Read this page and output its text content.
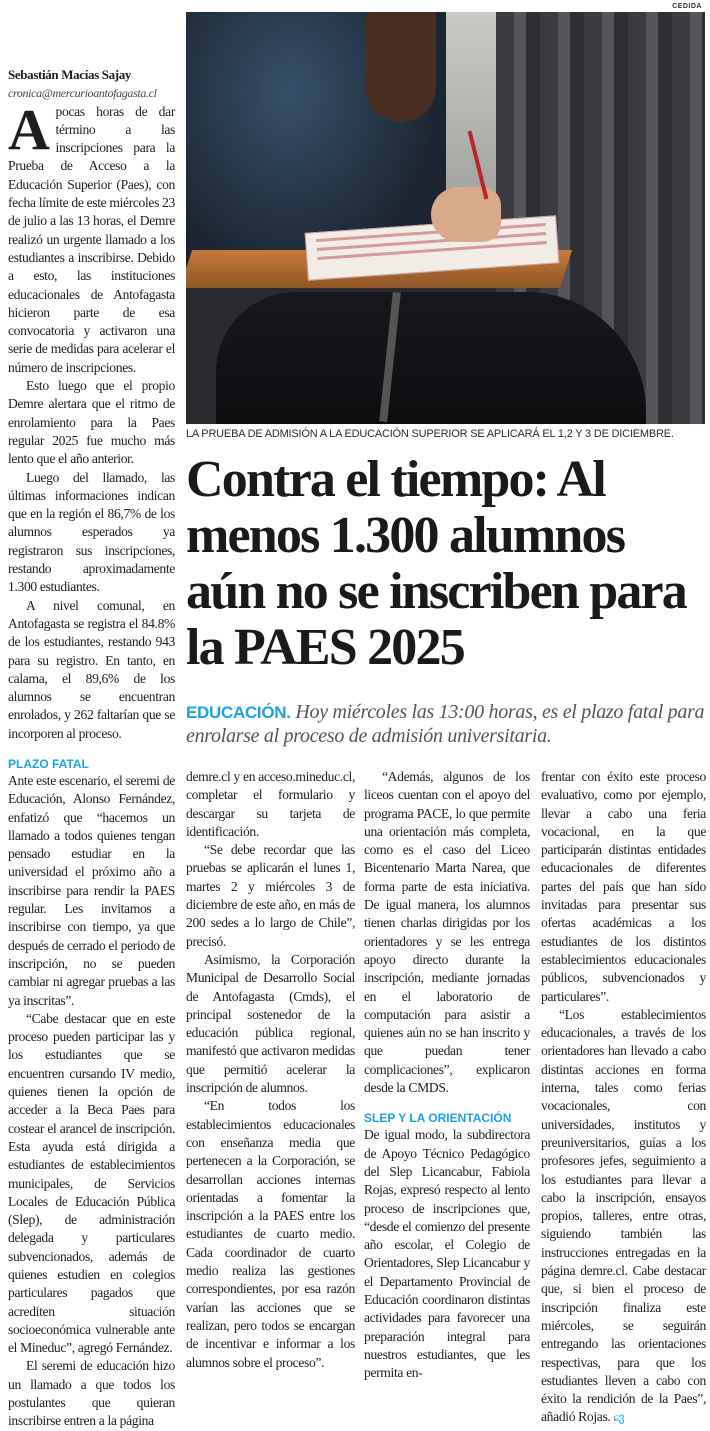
CEDIDA
LA PRUEBA DE ADMISIÓN A LA EDUCACIÓN SUPERIOR SE APLICARÁ EL 1,2 Y 3 DE DICIEMBRE.
Contra el tiempo: Al menos 1.300 alumnos aún no se inscriben para la PAES 2025
EDUCACIÓN. Hoy miércoles las 13:00 horas, es el plazo fatal para enrolarse al proceso de admisión universitaria.

Sebastián Macías Sajay

cronica@mercurioantofagasta.cl

Apocas horas de dar término a las inscripciones para la Prueba de Acceso a la Educación Superior (Paes), con fecha límite de este miércoles 23 de julio a las 13 horas, el Demre realizó un urgente llamado a los estudiantes a inscribirse. Debido a esto, las instituciones educacionales de Antofagasta hicieron parte de esa convocatoria y activaron una serie de medidas para acelerar el número de inscripciones.

Esto luego que el propio Demre alertara que el ritmo de enrolamiento para la Paes regular 2025 fue mucho más lento que el año anterior.

Luego del llamado, las últimas informaciones indican que en la región el 86,7% de los alumnos esperados ya registraron sus inscripciones, restando aproximadamente 1.300 estudiantes.

A nivel comunal, en Antofagasta se registra el 84.8% de los estudiantes, restando 943 para su registro. En tanto, en calama, el 89,6% de los alumnos se encuentran enrolados, y 262 faltarían que se incorporen al proceso.

PLAZO FATAL

Ante este escenario, el seremi de Educación, Alonso Fernández, enfatizó que “hacemos un llamado a todos quienes tengan pensado estudiar en la universidad el próximo año a inscribirse para rendir la PAES regular. Les invitamos a inscribirse con tiempo, ya que después de cerrado el periodo de inscripción, no se pueden cambiar ni agregar pruebas a las ya inscritas”.

“Cabe destacar que en este proceso pueden participar las y los estudiantes que se encuentren cursando IV medio, quienes tienen la opción de acceder a la Beca Paes para costear el arancel de inscripción. Esta ayuda está dirigida a estudiantes de establecimientos municipales, de Servicios Locales de Educación Pública (Slep), de administración delegada y particulares subvencionados, además de quienes estudien en colegios particulares pagados que acrediten situación socioeconómica vulnerable ante el Mineduc”, agregó Fernández.

El seremi de educación hizo un llamado a que todos los postulantes que quieran inscribirse entren a la página

demre.cl y en acceso.mineduc.cl, completar el formulario y descargar su tarjeta de identificación.

“Se debe recordar que las pruebas se aplicarán el lunes 1, martes 2 y miércoles 3 de diciembre de este año, en más de 200 sedes a lo largo de Chile”, precisó.

Asimismo, la Corporación Municipal de Desarrollo Social de Antofagasta (Cmds), el principal sostenedor de la educación pública regional, manifestó que activaron medidas que permitió acelerar la inscripción de alumnos.

“En todos los establecimientos educacionales con enseñanza media que pertenecen a la Corporación, se desarrollan acciones internas orientadas a fomentar la inscripción a la PAES entre los estudiantes de cuarto medio. Cada coordinador de cuarto medio realiza las gestiones correspondientes, por esa razón varían las acciones que se realizan, pero todos se encargan de incentivar e informar a los alumnos sobre el proceso”.

“Además, algunos de los liceos cuentan con el apoyo del programa PACE, lo que permite una orientación más completa, como es el caso del Liceo Bicentenario Marta Narea, que forma parte de esta iniciativa. De igual manera, los alumnos tienen charlas dirigidas por los orientadores y se les entrega apoyo directo durante la inscripción, mediante jornadas en el laboratorio de computación para asistir a quienes aún no se han inscrito y que puedan tener complicaciones”, explicaron desde la CMDS.

SLEP Y LA ORIENTACIÓN

De igual modo, la subdirectora de Apoyo Técnico Pedagógico del Slep Licancabur, Fabiola Rojas, expresó respecto al lento proceso de inscripciones que, “desde el comienzo del presente año escolar, el Colegio de Orientadores, Slep Licancabur y el Departamento Provincial de Educación coordinaron distintas actividades para favorecer una preparación integral para nuestros estudiantes, que les permita en-

frentar con éxito este proceso evaluativo, como por ejemplo, llevar a cabo una feria vocacional, en la que participarán distintas entidades educacionales de diferentes partes del país que han sido invitadas para presentar sus ofertas académicas a los estudiantes de los distintos establecimientos educacionales públicos, subvencionados y particulares”.

“Los establecimientos educacionales, a través de los orientadores han llevado a cabo distintas acciones en forma interna, tales como ferias vocacionales, con universidades, institutos y preuniversitarios, guías a los profesores jefes, seguimiento a los estudiantes para llevar a cabo la inscripción, ensayos propios, talleres, entre otras, siguiendo también las instrucciones entregadas en la página demre.cl. Cabe destacar que, si bien el proceso de inscripción finaliza este miércoles, se seguirán entregando las orientaciones respectivas, para que los estudiantes lleven a cabo con éxito la rendición de la Paes”, añadió Rojas. ɕვ
